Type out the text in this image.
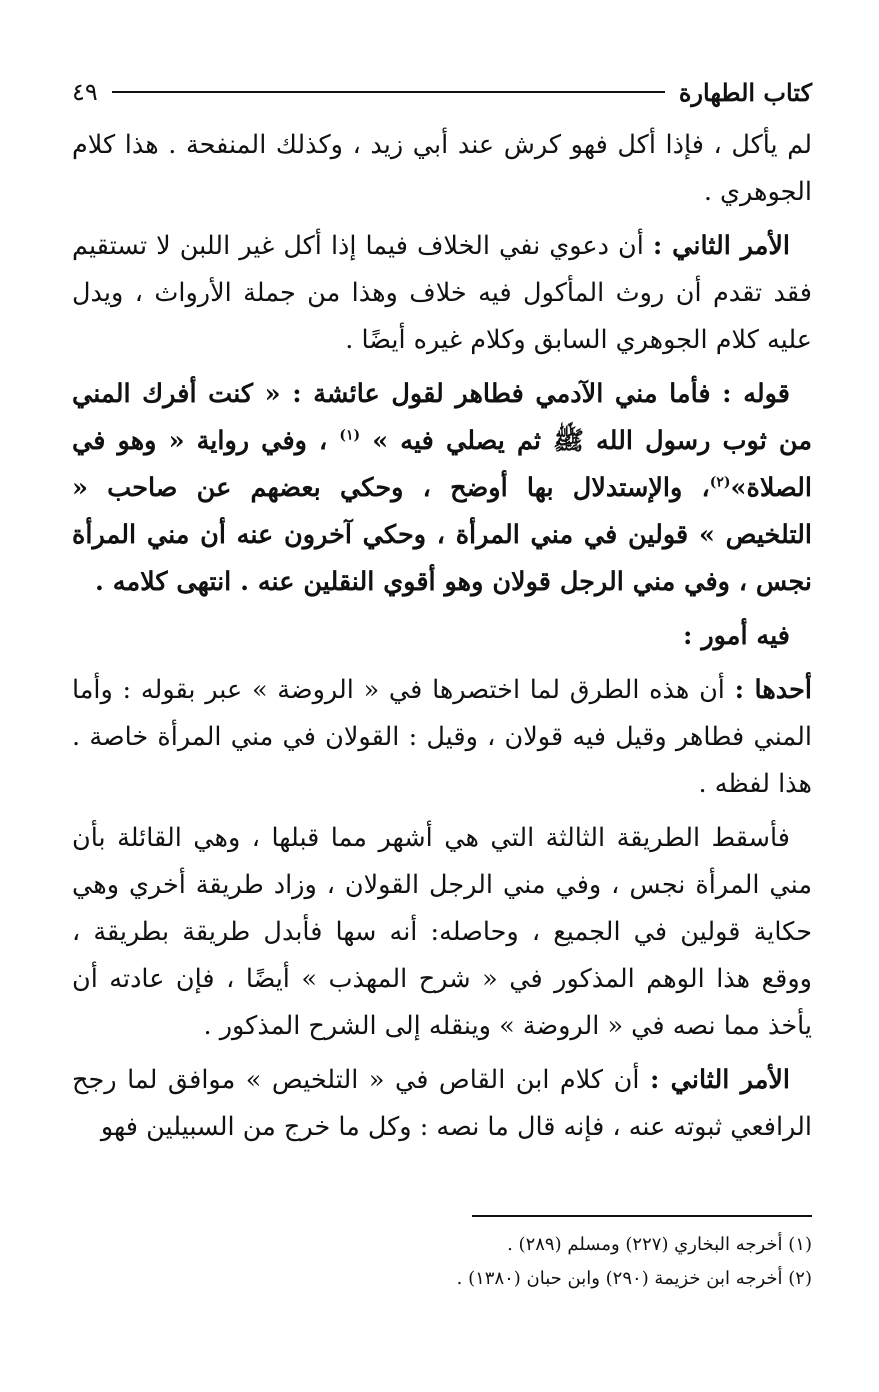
كتاب الطهارة
٤٩

لم يأكل ، فإذا أكل فهو كرش عند أبي زيد ، وكذلك المنفحة . هذا كلام الجوهري .

الأمر الثاني : أن دعوي نفي الخلاف فيما إذا أكل غير اللبن لا تستقيم فقد تقدم أن روث المأكول فيه خلاف وهذا من جملة الأرواث ، ويدل عليه كلام الجوهري السابق وكلام غيره أيضًا .

قوله : فأما مني الآدمي فطاهر لقول عائشة : « كنت أفرك المني من ثوب رسول الله ﷺ ثم يصلي فيه » $^{(١)}$ ، وفي رواية « وهو في الصلاة»$^{(٢)}$، والإستدلال بها أوضح ، وحكي بعضهم عن صاحب « التلخيص » قولين في مني المرأة ، وحكي آخرون عنه أن مني المرأة نجس ، وفي مني الرجل قولان وهو أقوي النقلين عنه . انتهى كلامه .

فيه أمور :

أحدها : أن هذه الطرق لما اختصرها في « الروضة » عبر بقوله : وأما المني فطاهر وقيل فيه قولان ، وقيل : القولان في مني المرأة خاصة . هذا لفظه .

فأسقط الطريقة الثالثة التي هي أشهر مما قبلها ، وهي القائلة بأن مني المرأة نجس ، وفي مني الرجل القولان ، وزاد طريقة أخري وهي حكاية قولين في الجميع ، وحاصله: أنه سها فأبدل طريقة بطريقة ، ووقع هذا الوهم المذكور في « شرح المهذب » أيضًا ، فإن عادته أن يأخذ مما نصه في « الروضة » وينقله إلى الشرح المذكور .

الأمر الثاني : أن كلام ابن القاص في « التلخيص » موافق لما رجح الرافعي ثبوته عنه ، فإنه قال ما نصه : وكل ما خرج من السبيلين فهو

(١) أخرجه البخاري (٢٢٧) ومسلم (٢٨٩) .
(٢) أخرجه ابن خزيمة (٢٩٠) وابن حبان (١٣٨٠) .
